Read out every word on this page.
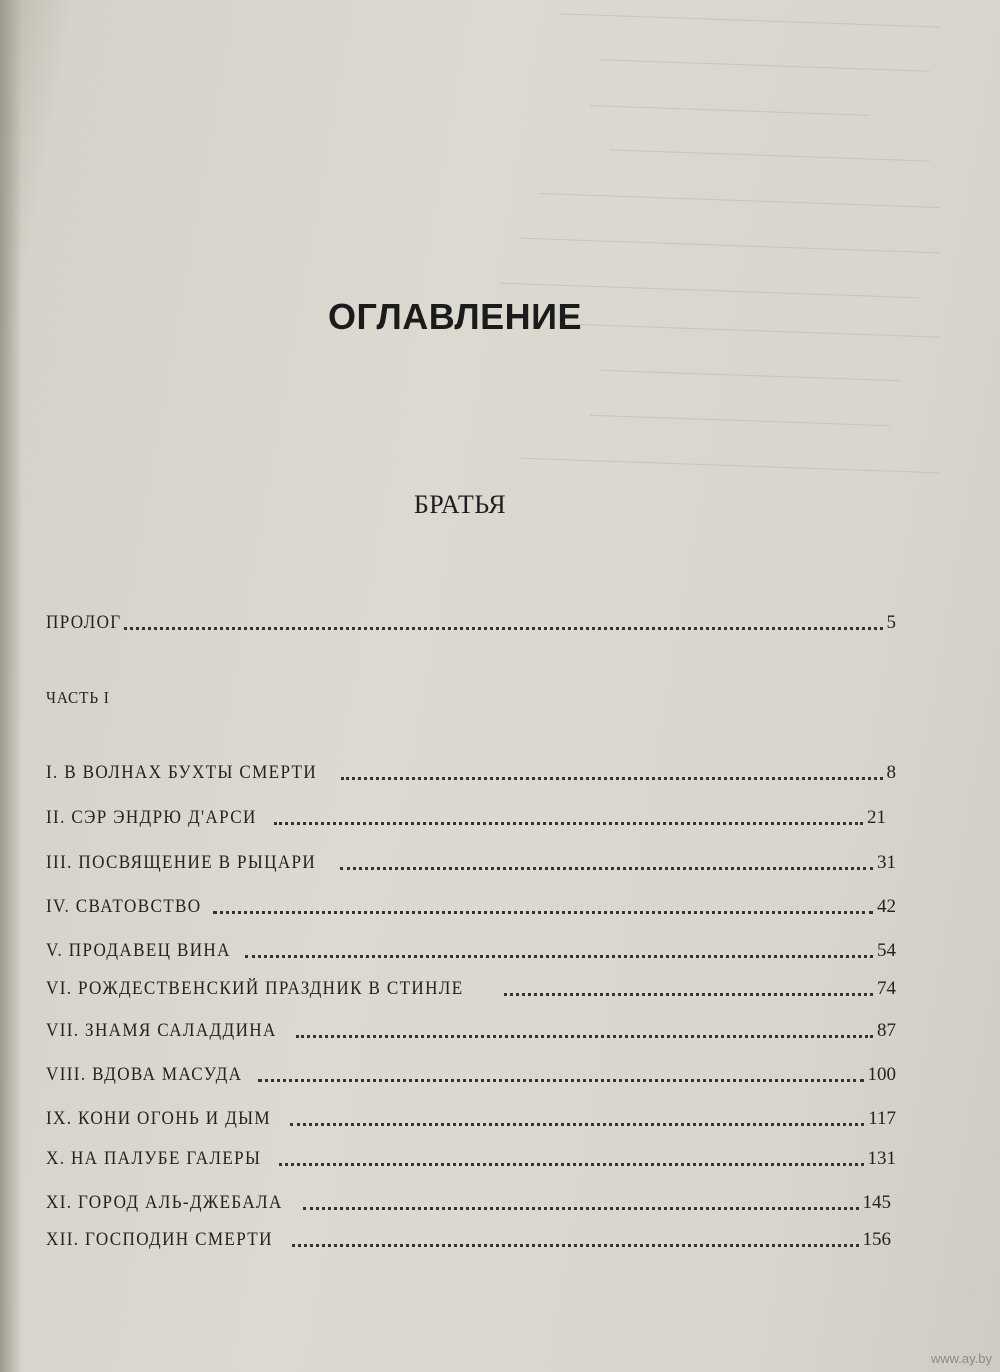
ОГЛАВЛЕНИЕ
БРАТЬЯ
ПРОЛОГ	5
ЧАСТЬ I
I. В ВОЛНАХ БУХТЫ СМЕРТИ	8
II. СЭР ЭНДРЮ Д'АРСИ	21
III. ПОСВЯЩЕНИЕ В РЫЦАРИ	31
IV. СВАТОВСТВО	42
V. ПРОДАВЕЦ ВИНА	54
VI. РОЖДЕСТВЕНСКИЙ ПРАЗДНИК В СТИНЛЕ	74
VII. ЗНАМЯ САЛАДДИНА	87
VIII. ВДОВА МАСУДА	100
IX. КОНИ ОГОНЬ И ДЫМ	117
X. НА ПАЛУБЕ ГАЛЕРЫ	131
XI. ГОРОД АЛЬ-ДЖЕБАЛА	145
XII. ГОСПОДИН СМЕРТИ	156
www.ay.by
